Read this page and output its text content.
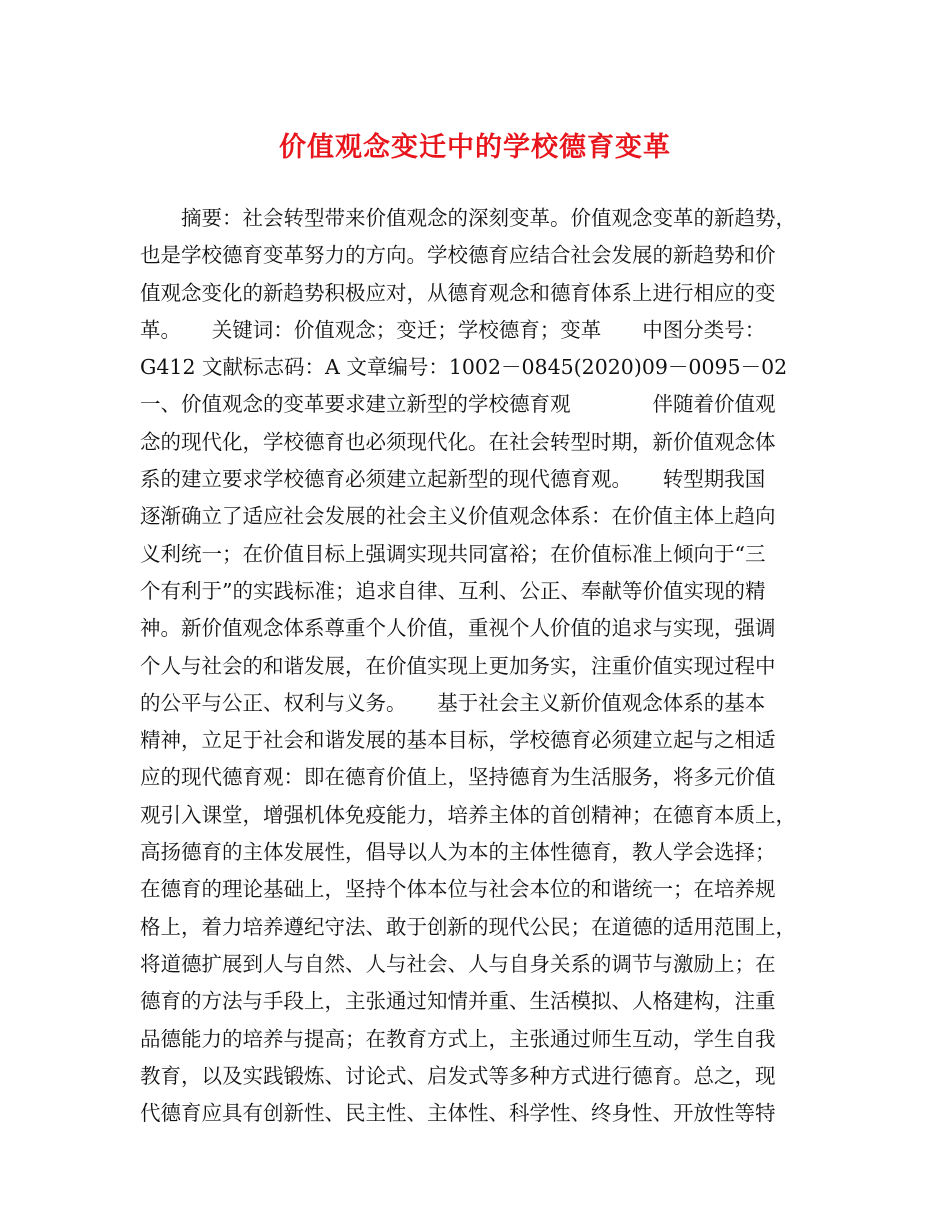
价值观念变迁中的学校德育变革
摘要：社会转型带来价值观念的深刻变革。价值观念变革的新趋势，
也是学校德育变革努力的方向。学校德育应结合社会发展的新趋势和价
值观念变化的新趋势积极应对，从德育观念和德育体系上进行相应的变
革。　　关键词：价值观念；变迁；学校德育；变革　　中图分类号：
G412 文献标志码：A 文章编号：1002－0845(2020)09－0095－02
一、价值观念的变革要求建立新型的学校德育观　　　　伴随着价值观
念的现代化，学校德育也必须现代化。在社会转型时期，新价值观念体
系的建立要求学校德育必须建立起新型的现代德育观。　　转型期我国
逐渐确立了适应社会发展的社会主义价值观念体系：在价值主体上趋向
义利统一；在价值目标上强调实现共同富裕；在价值标准上倾向于“三
个有利于”的实践标准；追求自律、互利、公正、奉献等价值实现的精
神。新价值观念体系尊重个人价值，重视个人价值的追求与实现，强调
个人与社会的和谐发展，在价值实现上更加务实，注重价值实现过程中
的公平与公正、权利与义务。　　基于社会主义新价值观念体系的基本
精神，立足于社会和谐发展的基本目标，学校德育必须建立起与之相适
应的现代德育观：即在德育价值上，坚持德育为生活服务，将多元价值
观引入课堂，增强机体免疫能力，培养主体的首创精神；在德育本质上，
高扬德育的主体发展性，倡导以人为本的主体性德育，教人学会选择；
在德育的理论基础上，坚持个体本位与社会本位的和谐统一；在培养规
格上，着力培养遵纪守法、敢于创新的现代公民；在道德的适用范围上，
将道德扩展到人与自然、人与社会、人与自身关系的调节与激励上；在
德育的方法与手段上，主张通过知情并重、生活模拟、人格建构，注重
品德能力的培养与提高；在教育方式上，主张通过师生互动，学生自我
教育，以及实践锻炼、讨论式、启发式等多种方式进行德育。总之，现
代德育应具有创新性、民主性、主体性、科学性、终身性、开放性等特
